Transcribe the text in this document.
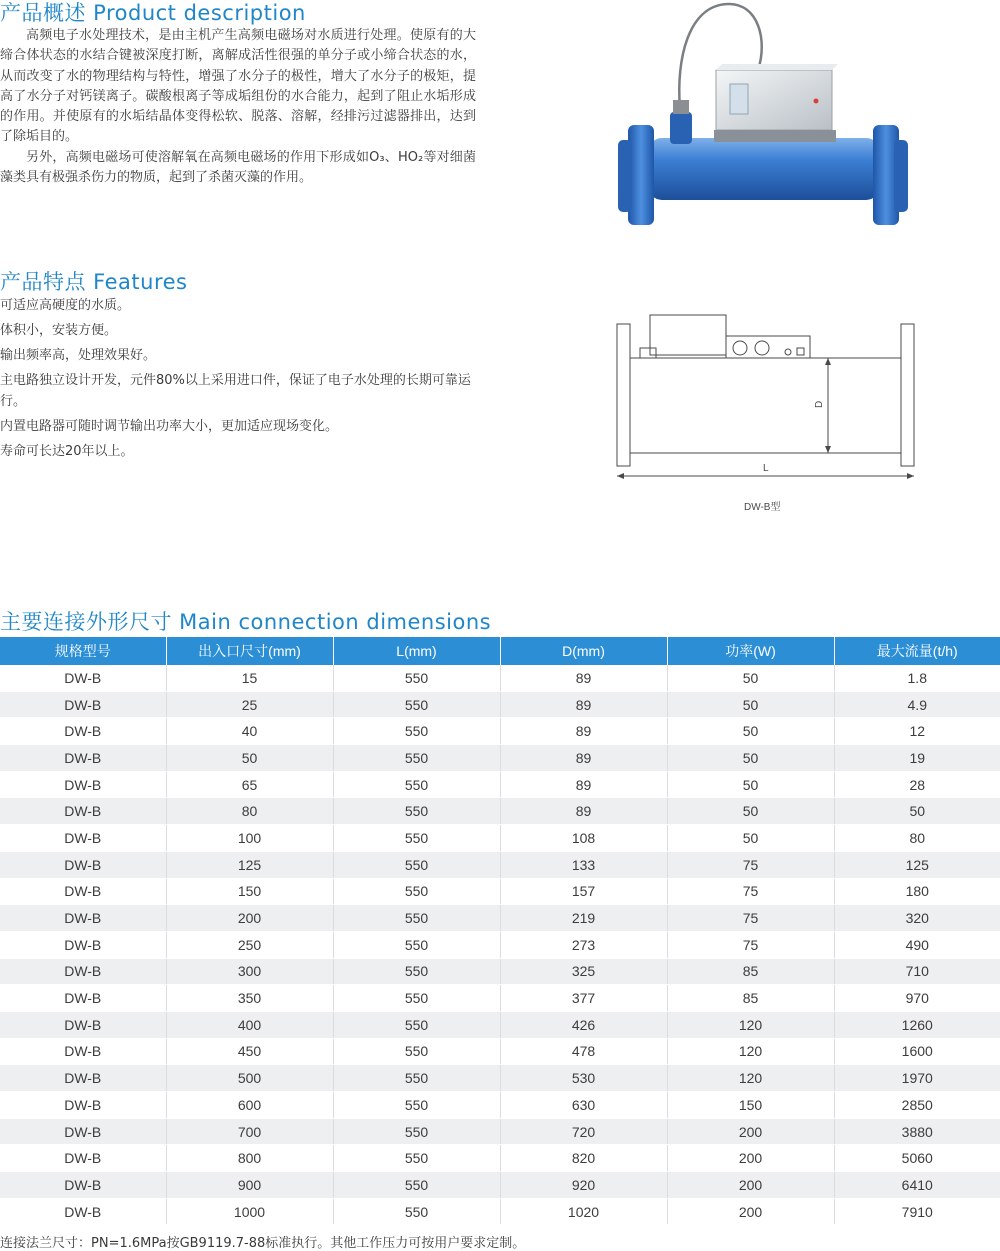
产品概述 Product description

高频电子水处理技术，是由主机产生高频电磁场对水质进行处理。使原有的大缔合体状态的水结合键被深度打断，离解成活性很强的单分子或小缔合状态的水，从而改变了水的物理结构与特性，增强了水分子的极性，增大了水分子的极矩，提高了水分子对钙镁离子。碳酸根离子等成垢组份的水合能力，起到了阻止水垢形成的作用。并使原有的水垢结晶体变得松软、脱落、溶解，经排污过滤器排出，达到了除垢目的。

另外，高频电磁场可使溶解氧在高频电磁场的作用下形成如O₃、HO₂等对细菌藻类具有极强杀伤力的物质，起到了杀菌灭藻的作用。

产品特点 Features
可适应高硬度的水质。
体积小，安装方便。
输出频率高，处理效果好。
主电路独立设计开发，元件80%以上采用进口件，保证了电子水处理的长期可靠运行。
内置电路器可随时调节输出功率大小，更加适应现场变化。
寿命可长达20年以上。
D
L
DW-B型
主要连接外形尺寸 Main connection dimensions
规格型号	出入口尺寸(mm)	L(mm)	D(mm)	功率(W)	最大流量(t/h)
DW-B	15	550	89	50	1.8
DW-B	25	550	89	50	4.9
DW-B	40	550	89	50	12
DW-B	50	550	89	50	19
DW-B	65	550	89	50	28
DW-B	80	550	89	50	50
DW-B	100	550	108	50	80
DW-B	125	550	133	75	125
DW-B	150	550	157	75	180
DW-B	200	550	219	75	320
DW-B	250	550	273	75	490
DW-B	300	550	325	85	710
DW-B	350	550	377	85	970
DW-B	400	550	426	120	1260
DW-B	450	550	478	120	1600
DW-B	500	550	530	120	1970
DW-B	600	550	630	150	2850
DW-B	700	550	720	200	3880
DW-B	800	550	820	200	5060
DW-B	900	550	920	200	6410
DW-B	1000	550	1020	200	7910

连接法兰尺寸：PN=1.6MPa按GB9119.7-88标准执行。其他工作压力可按用户要求定制。
